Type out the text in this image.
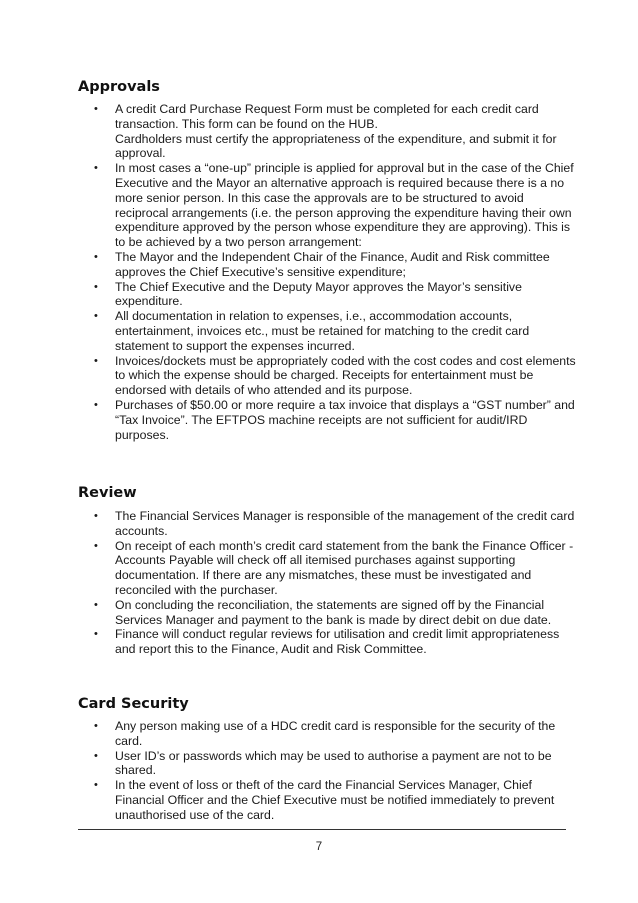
Approvals
• A credit Card Purchase Request Form must be completed for each credit card transaction. This form can be found on the HUB.

Cardholders must certify the appropriateness of the expenditure, and submit it for approval.

• In most cases a “one-up” principle is applied for approval but in the case of the Chief Executive and the Mayor an alternative approach is required because there is a no more senior person. In this case the approvals are to be structured to avoid reciprocal arrangements (i.e. the person approving the expenditure having their own expenditure approved by the person whose expenditure they are approving). This is to be achieved by a two person arrangement:

• The Mayor and the Independent Chair of the Finance, Audit and Risk committee approves the Chief Executive’s sensitive expenditure;

• The Chief Executive and the Deputy Mayor approves the Mayor’s sensitive expenditure.

• All documentation in relation to expenses, i.e., accommodation accounts, entertainment, invoices etc., must be retained for matching to the credit card statement to support the expenses incurred.

• Invoices/dockets must be appropriately coded with the cost codes and cost elements to which the expense should be charged. Receipts for entertainment must be endorsed with details of who attended and its purpose.

• Purchases of $50.00 or more require a tax invoice that displays a “GST number” and “Tax Invoice”. The EFTPOS machine receipts are not sufficient for audit/IRD purposes.

Review
• The Financial Services Manager is responsible of the management of the credit card accounts.

• On receipt of each month’s credit card statement from the bank the Finance Officer - Accounts Payable will check off all itemised purchases against supporting documentation. If there are any mismatches, these must be investigated and reconciled with the purchaser.

• On concluding the reconciliation, the statements are signed off by the Financial Services Manager and payment to the bank is made by direct debit on due date.

• Finance will conduct regular reviews for utilisation and credit limit appropriateness and report this to the Finance, Audit and Risk Committee.

Card Security
• Any person making use of a HDC credit card is responsible for the security of the card.

• User ID’s or passwords which may be used to authorise a payment are not to be shared.

• In the event of loss or theft of the card the Financial Services Manager, Chief Financial Officer and the Chief Executive must be notified immediately to prevent unauthorised use of the card.

7
